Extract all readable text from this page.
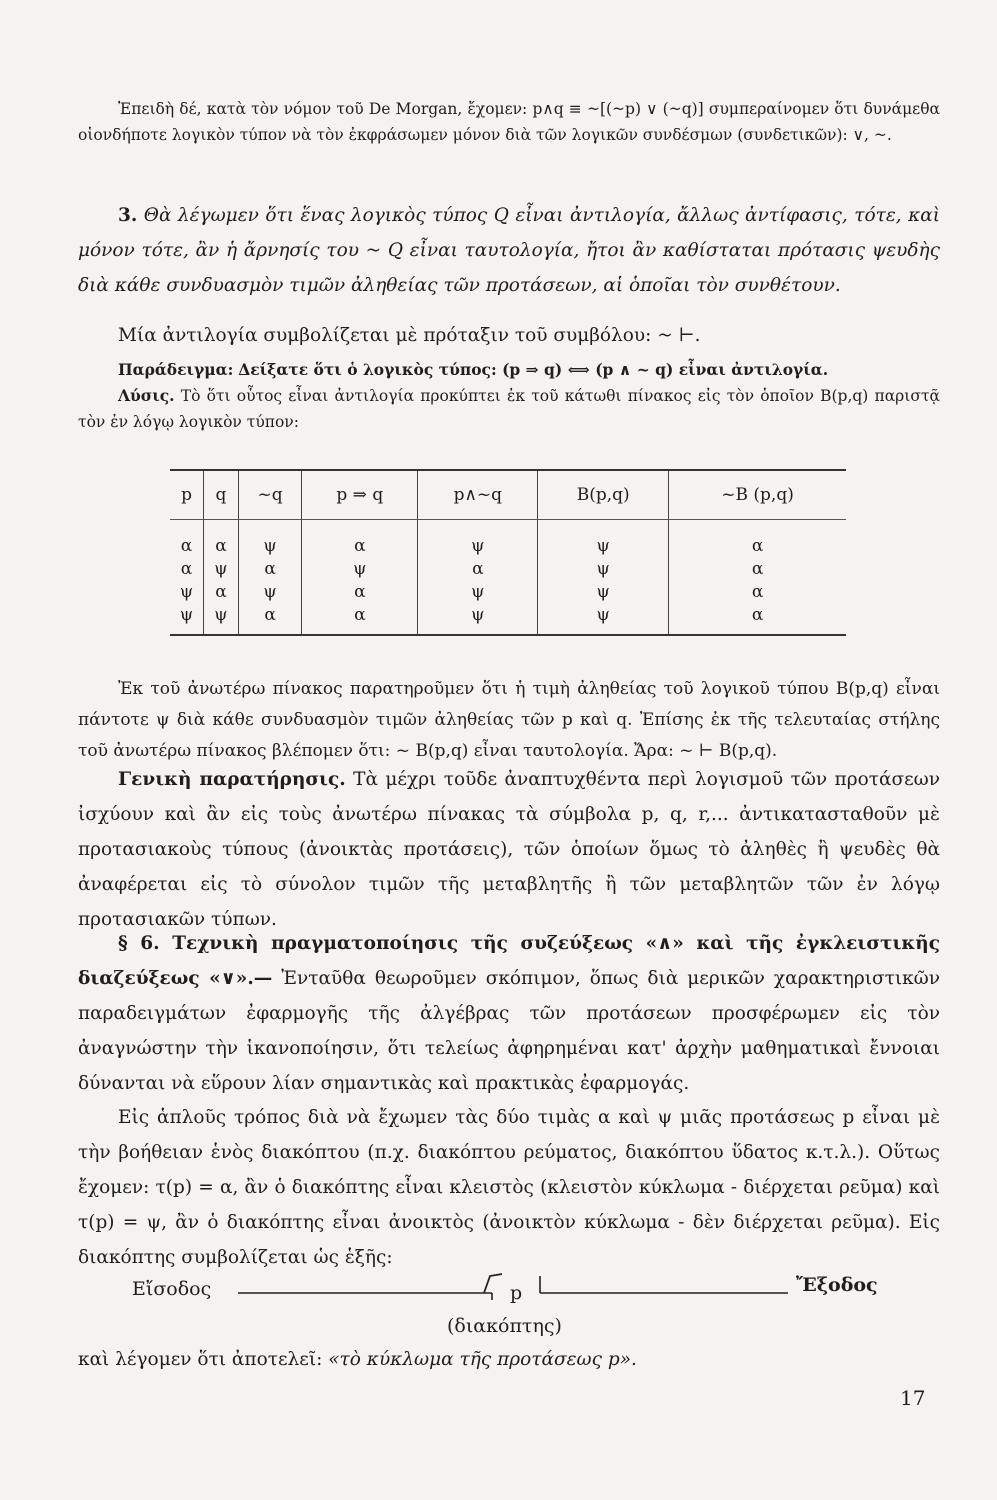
Ἐπειδὴ δέ, κατὰ τὸν νόμον τοῦ De Morgan, ἔχομεν: p∧q ≡ ~[(~p) ∨ (~q)] συμπεραίνομεν ὅτι δυνάμεθα οἱονδήποτε λογικὸν τύπον νὰ τὸν ἐκφράσωμεν μόνον διὰ τῶν λογικῶν συνδέσμων (συνδετικῶν): ∨, ~.
3. Θὰ λέγωμεν ὅτι ἕνας λογικὸς τύπος Q εἶναι ἀντιλογία, ἄλλως ἀντίφασις, τότε, καὶ μόνον τότε, ἂν ἡ ἄρνησίς του ~ Q εἶναι ταυτολογία, ἤτοι ἂν καθίσταται πρότασις ψευδὴς διὰ κάθε συνδυασμὸν τιμῶν ἀληθείας τῶν προτάσεων, αἱ ὁποῖαι τὸν συνθέτουν.
Μία ἀντιλογία συμβολίζεται μὲ πρόταξιν τοῦ συμβόλου: ~ ⊢.
Παράδειγμα: Δείξατε ὅτι ὁ λογικὸς τύπος: (p ⇒ q) ⟺ (p ∧ ~ q) εἶναι ἀντιλογία.
Λύσις. Τὸ ὅτι οὗτος εἶναι ἀντιλογία προκύπτει ἐκ τοῦ κάτωθι πίνακος εἰς τὸν ὁποῖον B(p,q) παριστᾷ τὸν ἐν λόγῳ λογικὸν τύπον:
p	q	~q	p ⇒ q	p∧~q	B(p,q)	~B (p,q)
α	α	ψ	α	ψ	ψ	α
α	ψ	α	ψ	α	ψ	α
ψ	α	ψ	α	ψ	ψ	α
ψ	ψ	α	α	ψ	ψ	α
Ἐκ τοῦ ἀνωτέρω πίνακος παρατηροῦμεν ὅτι ἡ τιμὴ ἀληθείας τοῦ λογικοῦ τύπου B(p,q) εἶναι πάντοτε ψ διὰ κάθε συνδυασμὸν τιμῶν ἀληθείας τῶν p καὶ q. Ἐπίσης ἐκ τῆς τελευταίας στήλης τοῦ ἀνωτέρω πίνακος βλέπομεν ὅτι: ~ B(p,q) εἶναι ταυτολογία. Ἄρα: ~ ⊢ B(p,q).
Γενικὴ παρατήρησις. Τὰ μέχρι τοῦδε ἀναπτυχθέντα περὶ λογισμοῦ τῶν προτάσεων ἰσχύουν καὶ ἂν εἰς τοὺς ἀνωτέρω πίνακας τὰ σύμβολα p, q, r,... ἀντικατασταθοῦν μὲ προτασιακοὺς τύπους (ἀνοικτὰς προτάσεις), τῶν ὁποίων ὅμως τὸ ἀληθὲς ἢ ψευδὲς θὰ ἀναφέρεται εἰς τὸ σύνολον τιμῶν τῆς μεταβλητῆς ἢ τῶν μεταβλητῶν τῶν ἐν λόγῳ προτασιακῶν τύπων.
§ 6. Τεχνικὴ πραγματοποίησις τῆς συζεύξεως «∧» καὶ τῆς ἐγκλειστικῆς διαζεύξεως «∨».— Ἐνταῦθα θεωροῦμεν σκόπιμον, ὅπως διὰ μερικῶν χαρακτηριστικῶν παραδειγμάτων ἐφαρμογῆς τῆς ἀλγέβρας τῶν προτάσεων προσφέρωμεν εἰς τὸν ἀναγνώστην τὴν ἱκανοποίησιν, ὅτι τελείως ἀφηρημέναι κατ' ἀρχὴν μαθηματικαὶ ἔννοιαι δύνανται νὰ εὕρουν λίαν σημαντικὰς καὶ πρακτικὰς ἐφαρμογάς.
Εἰς ἁπλοῦς τρόπος διὰ νὰ ἔχωμεν τὰς δύο τιμὰς α καὶ ψ μιᾶς προτάσεως p εἶναι μὲ τὴν βοήθειαν ἑνὸς διακόπτου (π.χ. διακόπτου ρεύματος, διακόπτου ὕδατος κ.τ.λ.). Οὕτως ἔχομεν: τ(p) = α, ἂν ὁ διακόπτης εἶναι κλειστὸς (κλειστὸν κύκλωμα - διέρχεται ρεῦμα) καὶ τ(p) = ψ, ἂν ὁ διακόπτης εἶναι ἀνοικτὸς (ἀνοικτὸν κύκλωμα - δὲν διέρχεται ρεῦμα). Εἰς διακόπτης συμβολίζεται ὡς ἑξῆς:
Εἴσοδος	p	Ἔξοδος
(διακόπτης)
καὶ λέγομεν ὅτι ἀποτελεῖ: «τὸ κύκλωμα τῆς προτάσεως p».
17
